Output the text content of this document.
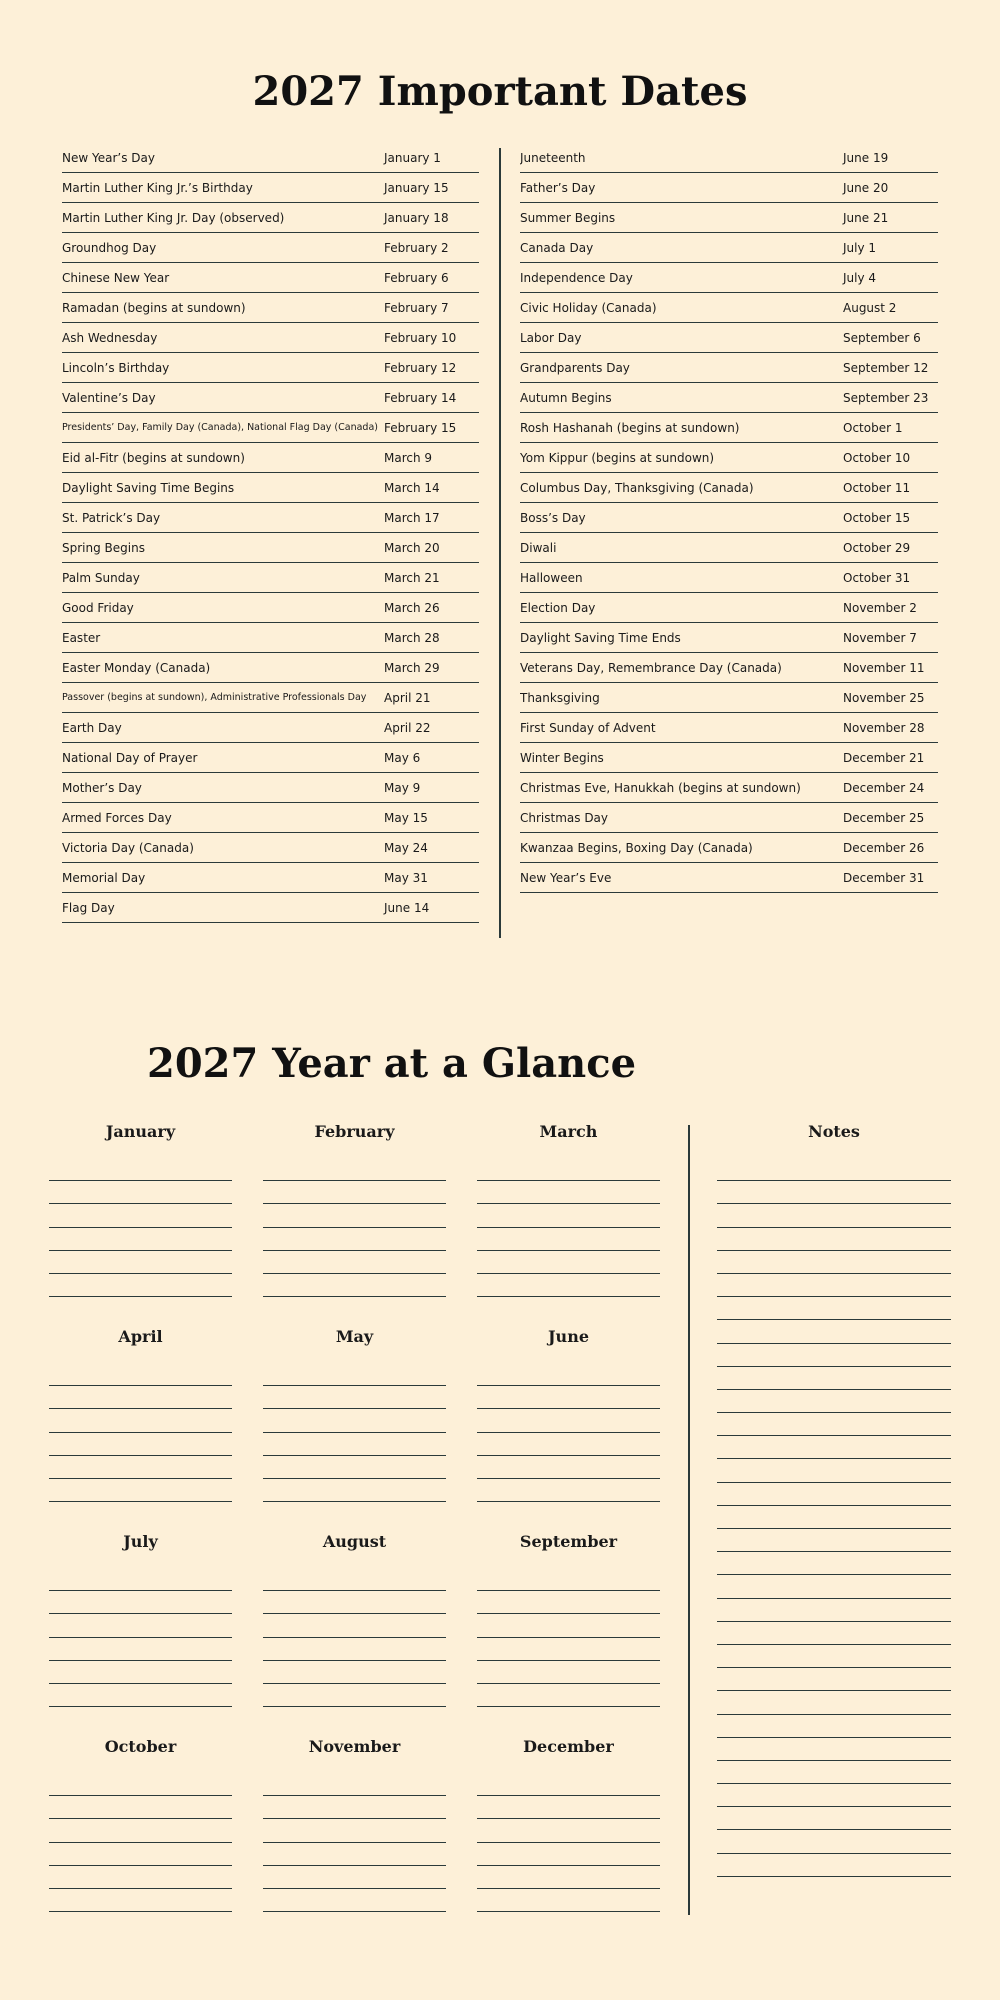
2027 Important Dates
New Year’s Day	January 1
Martin Luther King Jr.’s Birthday	January 15
Martin Luther King Jr. Day (observed)	January 18
Groundhog Day	February 2
Chinese New Year	February 6
Ramadan (begins at sundown)	February 7
Ash Wednesday	February 10
Lincoln’s Birthday	February 12
Valentine’s Day	February 14
Presidents’ Day, Family Day (Canada), National Flag Day (Canada) February 15
Eid al-Fitr (begins at sundown)	March 9
Daylight Saving Time Begins	March 14
St. Patrick’s Day	March 17
Spring Begins	March 20
Palm Sunday	March 21
Good Friday	March 26
Easter	March 28
Easter Monday (Canada)	March 29
Passover (begins at sundown), Administrative Professionals Day	April 21
Earth Day	April 22
National Day of Prayer	May 6
Mother’s Day	May 9
Armed Forces Day	May 15
Victoria Day (Canada)	May 24
Memorial Day	May 31
Flag Day	June 14
Juneteenth	June 19
Father’s Day	June 20
Summer Begins	June 21
Canada Day	July 1
Independence Day	July 4
Civic Holiday (Canada)	August 2
Labor Day	September 6
Grandparents Day	September 12
Autumn Begins	September 23
Rosh Hashanah (begins at sundown)	October 1
Yom Kippur (begins at sundown)	October 10
Columbus Day, Thanksgiving (Canada)	October 11
Boss’s Day	October 15
Diwali	October 29
Halloween	October 31
Election Day	November 2
Daylight Saving Time Ends	November 7
Veterans Day, Remembrance Day (Canada)	November 11
Thanksgiving	November 25
First Sunday of Advent	November 28
Winter Begins	December 21
Christmas Eve, Hanukkah (begins at sundown)	December 24
Christmas Day	December 25
Kwanzaa Begins, Boxing Day (Canada)	December 26
New Year’s Eve	December 31
2027 Year at a Glance
January	February	March
April	May	June
July	August	September
October	November	December
Notes
